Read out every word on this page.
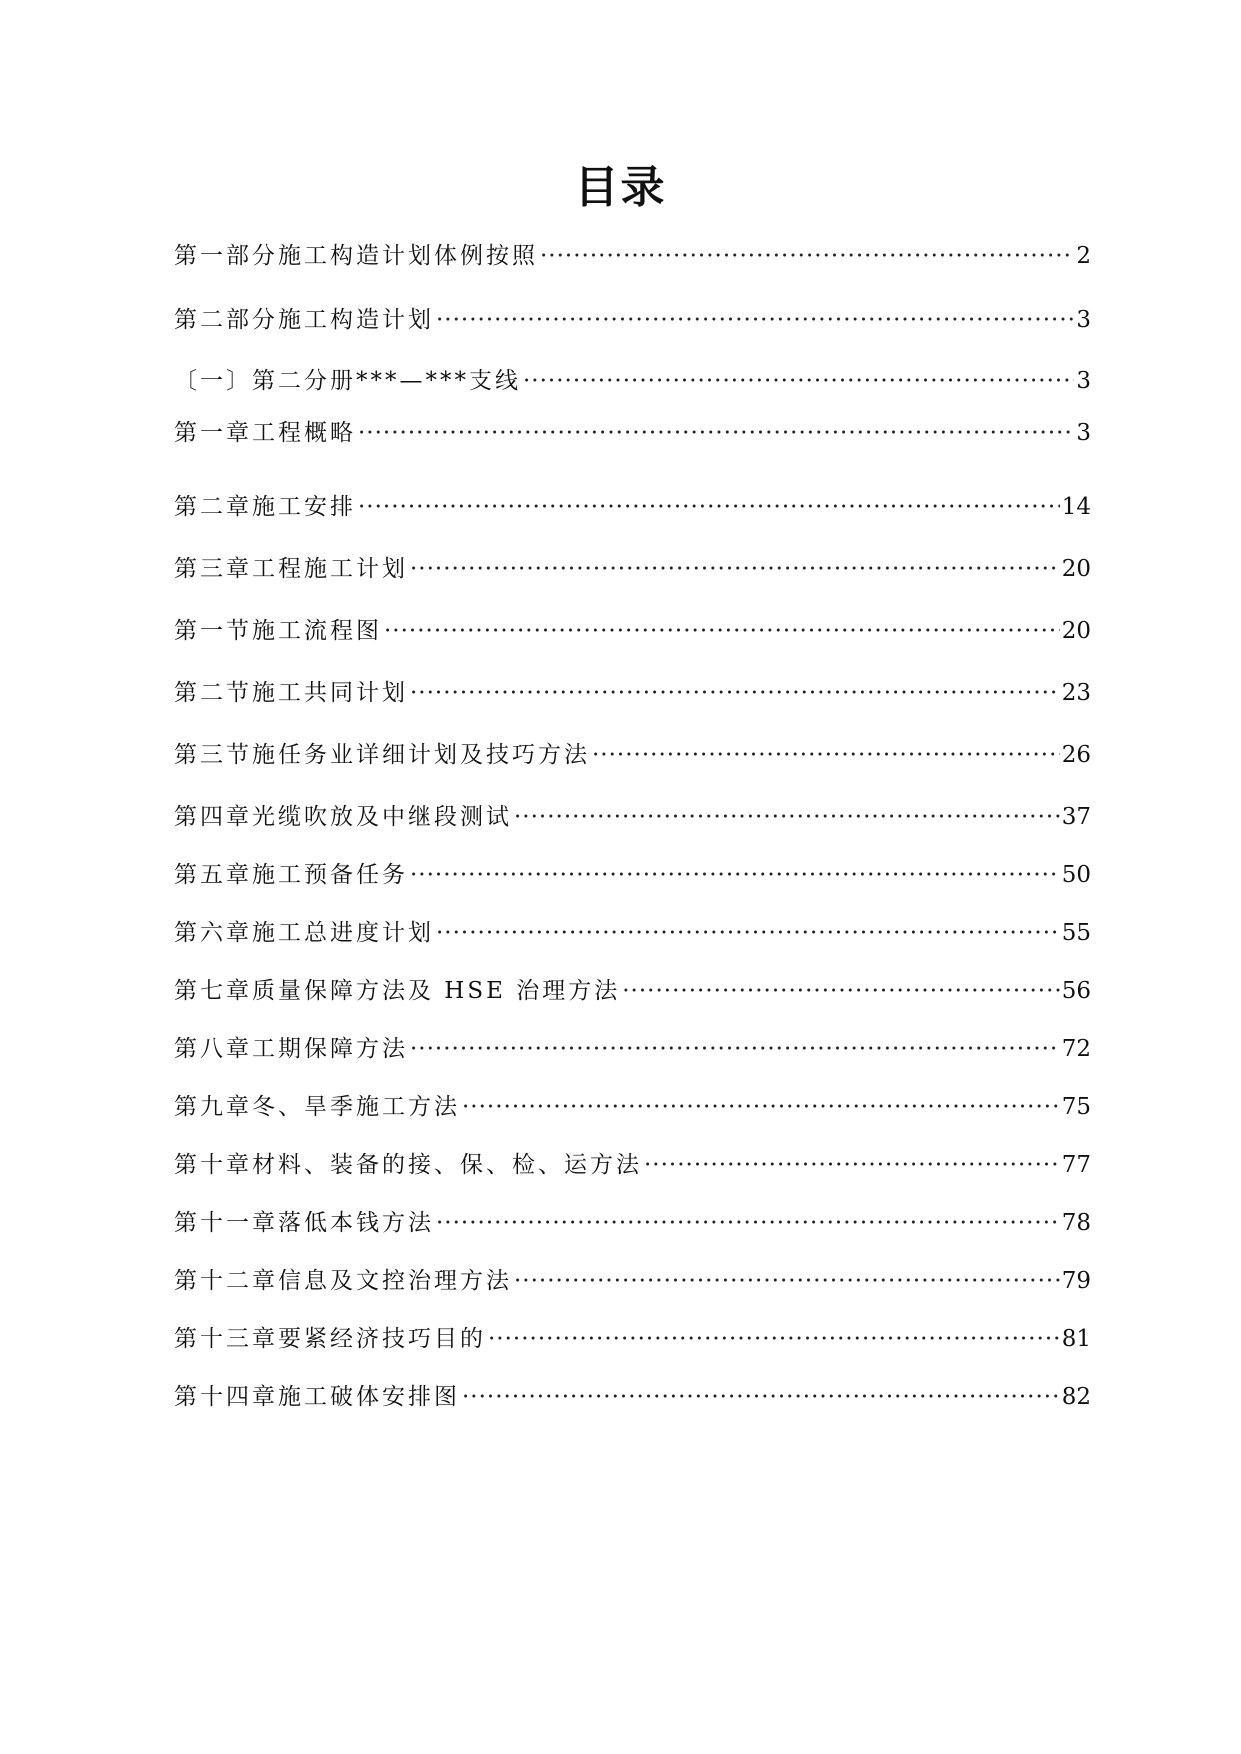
目录
第一部分施工构造计划体例按照 ·····	2
第二部分施工构造计划 ·····	3
〔一〕第二分册***—***支线 ·····	3
第一章工程概略 ·····	3
第二章施工安排 ·····	14
第三章工程施工计划 ·····	20
第一节施工流程图 ·····	20
第二节施工共同计划 ·····	23
第三节施任务业详细计划及技巧方法 ·····	26
第四章光缆吹放及中继段测试 ·····	37
第五章施工预备任务 ·····	50
第六章施工总进度计划 ·····	55
第七章质量保障方法及 HSE 治理方法 ·····	56
第八章工期保障方法 ·····	72
第九章冬、旱季施工方法 ·····	75
第十章材料、装备的接、保、检、运方法 ·····	77
第十一章落低本钱方法 ·····	78
第十二章信息及文控治理方法 ·····	79
第十三章要紧经济技巧目的 ·····	81
第十四章施工破体安排图 ·····	82
